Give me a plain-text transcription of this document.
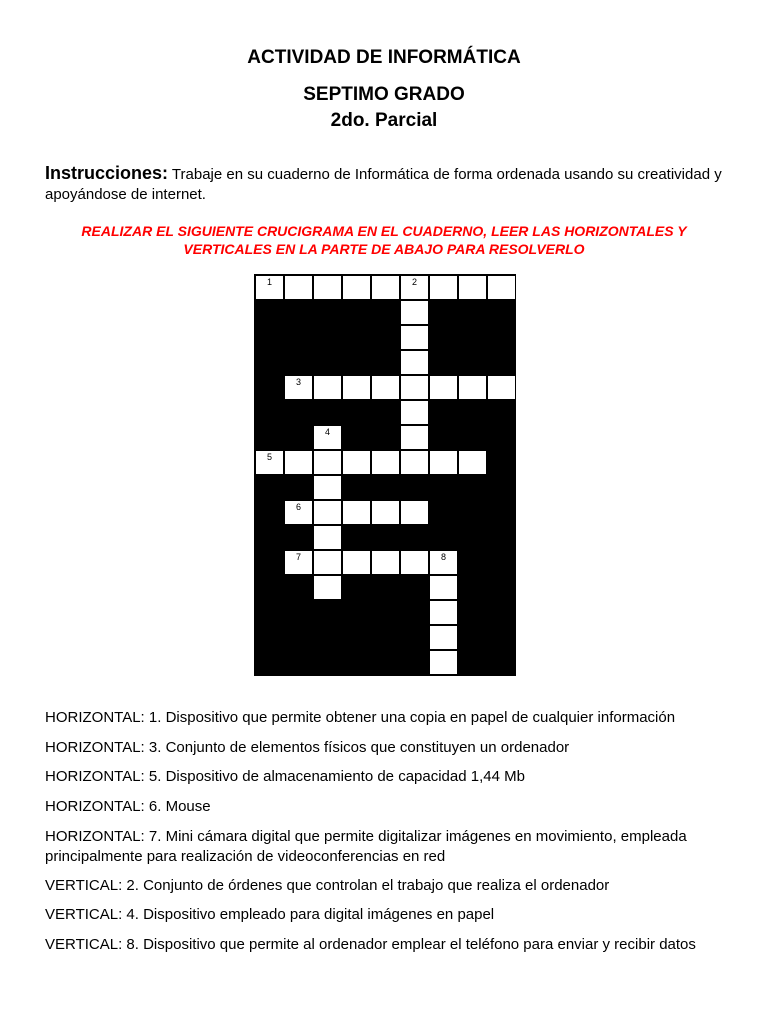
ACTIVIDAD DE INFORMÁTICA
SEPTIMO GRADO
2do. Parcial
Instrucciones: Trabaje en su cuaderno de Informática de forma ordenada usando su creatividad y apoyándose de internet.
REALIZAR EL SIGUIENTE CRUCIGRAMA EN EL CUADERNO, LEER LAS HORIZONTALES Y
VERTICALES EN LA PARTE DE ABAJO PARA RESOLVERLO
1	2
3
4
5
6
7	8
HORIZONTAL: 1. Dispositivo que permite obtener una copia en papel de cualquier información
HORIZONTAL: 3. Conjunto de elementos físicos que constituyen un ordenador
HORIZONTAL: 5. Dispositivo de almacenamiento de capacidad 1,44 Mb
HORIZONTAL: 6. Mouse
HORIZONTAL: 7. Mini cámara digital que permite digitalizar imágenes en movimiento, empleada principalmente para realización de videoconferencias en red
VERTICAL: 2. Conjunto de órdenes que controlan el trabajo que realiza el ordenador
VERTICAL: 4. Dispositivo empleado para digital imágenes en papel
VERTICAL: 8. Dispositivo que permite al ordenador emplear el teléfono para enviar y recibir datos
